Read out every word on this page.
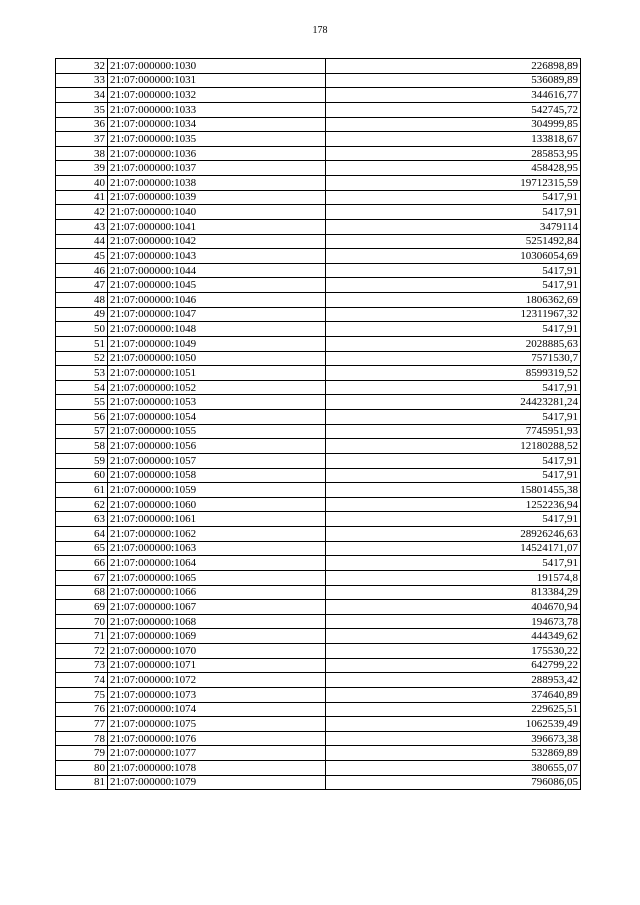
178
32	21:07:000000:1030	226898,89
33	21:07:000000:1031	536089,89
34	21:07:000000:1032	344616,77
35	21:07:000000:1033	542745,72
36	21:07:000000:1034	304999,85
37	21:07:000000:1035	133818,67
38	21:07:000000:1036	285853,95
39	21:07:000000:1037	458428,95
40	21:07:000000:1038	19712315,59
41	21:07:000000:1039	5417,91
42	21:07:000000:1040	5417,91
43	21:07:000000:1041	3479114
44	21:07:000000:1042	5251492,84
45	21:07:000000:1043	10306054,69
46	21:07:000000:1044	5417,91
47	21:07:000000:1045	5417,91
48	21:07:000000:1046	1806362,69
49	21:07:000000:1047	12311967,32
50	21:07:000000:1048	5417,91
51	21:07:000000:1049	2028885,63
52	21:07:000000:1050	7571530,7
53	21:07:000000:1051	8599319,52
54	21:07:000000:1052	5417,91
55	21:07:000000:1053	24423281,24
56	21:07:000000:1054	5417,91
57	21:07:000000:1055	7745951,93
58	21:07:000000:1056	12180288,52
59	21:07:000000:1057	5417,91
60	21:07:000000:1058	5417,91
61	21:07:000000:1059	15801455,38
62	21:07:000000:1060	1252236,94
63	21:07:000000:1061	5417,91
64	21:07:000000:1062	28926246,63
65	21:07:000000:1063	14524171,07
66	21:07:000000:1064	5417,91
67	21:07:000000:1065	191574,8
68	21:07:000000:1066	813384,29
69	21:07:000000:1067	404670,94
70	21:07:000000:1068	194673,78
71	21:07:000000:1069	444349,62
72	21:07:000000:1070	175530,22
73	21:07:000000:1071	642799,22
74	21:07:000000:1072	288953,42
75	21:07:000000:1073	374640,89
76	21:07:000000:1074	229625,51
77	21:07:000000:1075	1062539,49
78	21:07:000000:1076	396673,38
79	21:07:000000:1077	532869,89
80	21:07:000000:1078	380655,07
81	21:07:000000:1079	796086,05
